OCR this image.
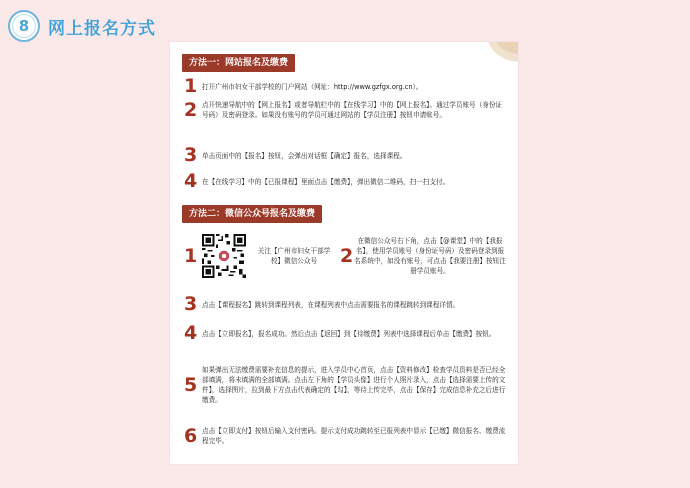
8 网上报名方式
方法一：网站报名及缴费
1 打开广州市妇女干部学校的门户网站（网址：http://www.gzfgx.org.cn）。
2 点开快速导航中的【网上报名】或者导航栏中的【在线学习】中的【网上报名】。通过学员账号（身份证号码）及密码登录。如果没有账号的学员可通过网站的【学员注册】按钮申请账号。
3 单击页面中的【报名】按钮，会弹出对话框【确定】报名，选择课程。
4 在【在线学习】中的【已报课程】里面点击【缴费】，弹出微信二维码，扫一扫支付。
方法二：微信公众号报名及缴费
1	关注【广州市妇女干部学校】微信公众号	2
在微信公众号右下角，点击【@课堂】中的【我报名】，使用学员账号（身份证号码）及密码登录到报名系统中，如没有账号，可点击【我要注册】按钮注册学员账号。
3 点击【课程报名】跳转到课程列表，在课程列表中点击需要报名的课程跳转到课程详情。
4 点击【立即报名】，报名成功。然后点击【返回】到【待缴费】列表中选择课程后单击【缴费】按钮。
5
如果弹出无法缴费需要补充信息的提示，进入学员中心首页，点击【资料修改】检查学员资料是否已经全部填满，将未填满的全部填满。点击左下角的【学员头像】进行个人照片录入，点击【选择需要上传的文件】，选择图片，拉到最下方点击代表确定的【勾】，等待上传完毕，点击【保存】完成信息补充之后进行缴费。
6 点击【立即支付】按钮后输入支付密码。提示支付成功跳转至已报列表中显示【已缴】微信报名、缴费流程完毕。
